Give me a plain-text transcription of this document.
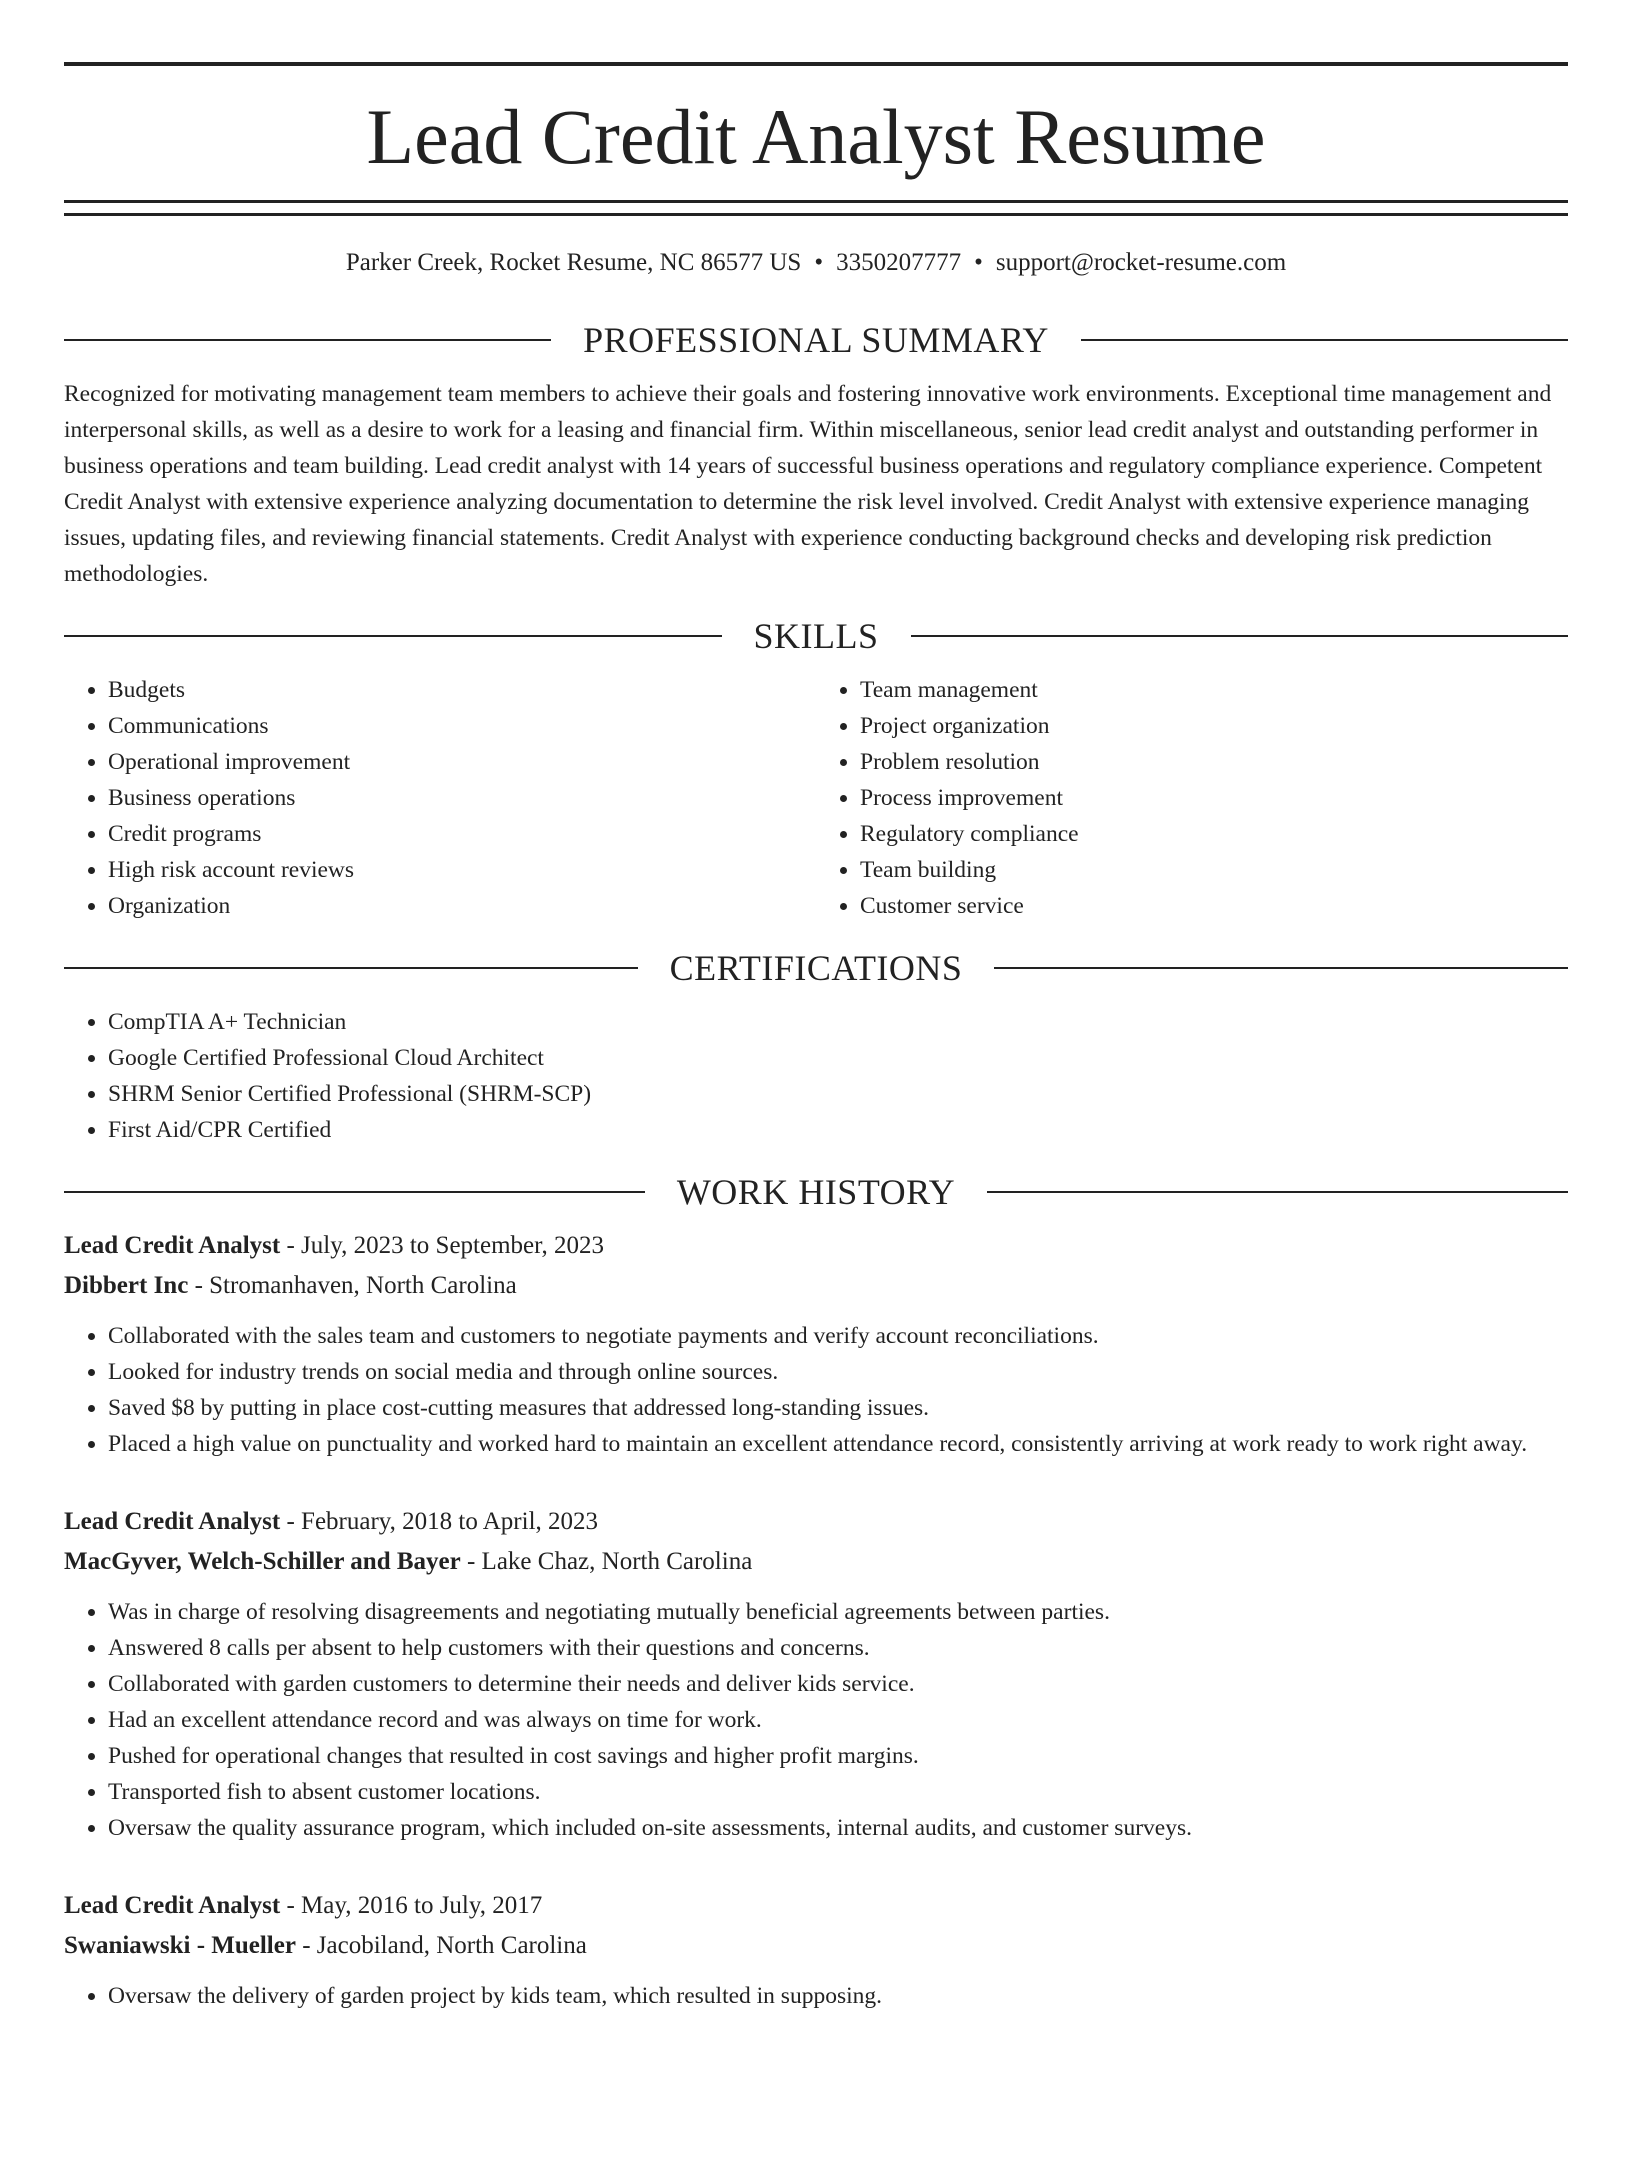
Lead Credit Analyst Resume
Parker Creek, Rocket Resume, NC 86577 US • 3350207777 • support@rocket-resume.com
PROFESSIONAL SUMMARY

Recognized for motivating management team members to achieve their goals and fostering innovative work environments. Exceptional time management and interpersonal skills, as well as a desire to work for a leasing and financial firm. Within miscellaneous, senior lead credit analyst and outstanding performer in business operations and team building. Lead credit analyst with 14 years of successful business operations and regulatory compliance experience. Competent Credit Analyst with extensive experience analyzing documentation to determine the risk level involved. Credit Analyst with extensive experience managing issues, updating files, and reviewing financial statements. Credit Analyst with experience conducting background checks and developing risk prediction methodologies.

SKILLS
• Budgets
• Communications
• Operational improvement
• Business operations
• Credit programs
• High risk account reviews
• Organization
• Team management
• Project organization
• Problem resolution
• Process improvement
• Regulatory compliance
• Team building
• Customer service
CERTIFICATIONS
• CompTIA A+ Technician
• Google Certified Professional Cloud Architect
• SHRM Senior Certified Professional (SHRM-SCP)
• First Aid/CPR Certified
WORK HISTORY
Lead Credit Analyst - July, 2023 to September, 2023
Dibbert Inc - Stromanhaven, North Carolina
• Collaborated with the sales team and customers to negotiate payments and verify account reconciliations.
• Looked for industry trends on social media and through online sources.
• Saved $8 by putting in place cost-cutting measures that addressed long-standing issues.
• Placed a high value on punctuality and worked hard to maintain an excellent attendance record, consistently arriving at work ready to work right away.
Lead Credit Analyst - February, 2018 to April, 2023
MacGyver, Welch-Schiller and Bayer - Lake Chaz, North Carolina
• Was in charge of resolving disagreements and negotiating mutually beneficial agreements between parties.
• Answered 8 calls per absent to help customers with their questions and concerns.
• Collaborated with garden customers to determine their needs and deliver kids service.
• Had an excellent attendance record and was always on time for work.
• Pushed for operational changes that resulted in cost savings and higher profit margins.
• Transported fish to absent customer locations.
• Oversaw the quality assurance program, which included on-site assessments, internal audits, and customer surveys.
Lead Credit Analyst - May, 2016 to July, 2017
Swaniawski - Mueller - Jacobiland, North Carolina
• Oversaw the delivery of garden project by kids team, which resulted in supposing.
